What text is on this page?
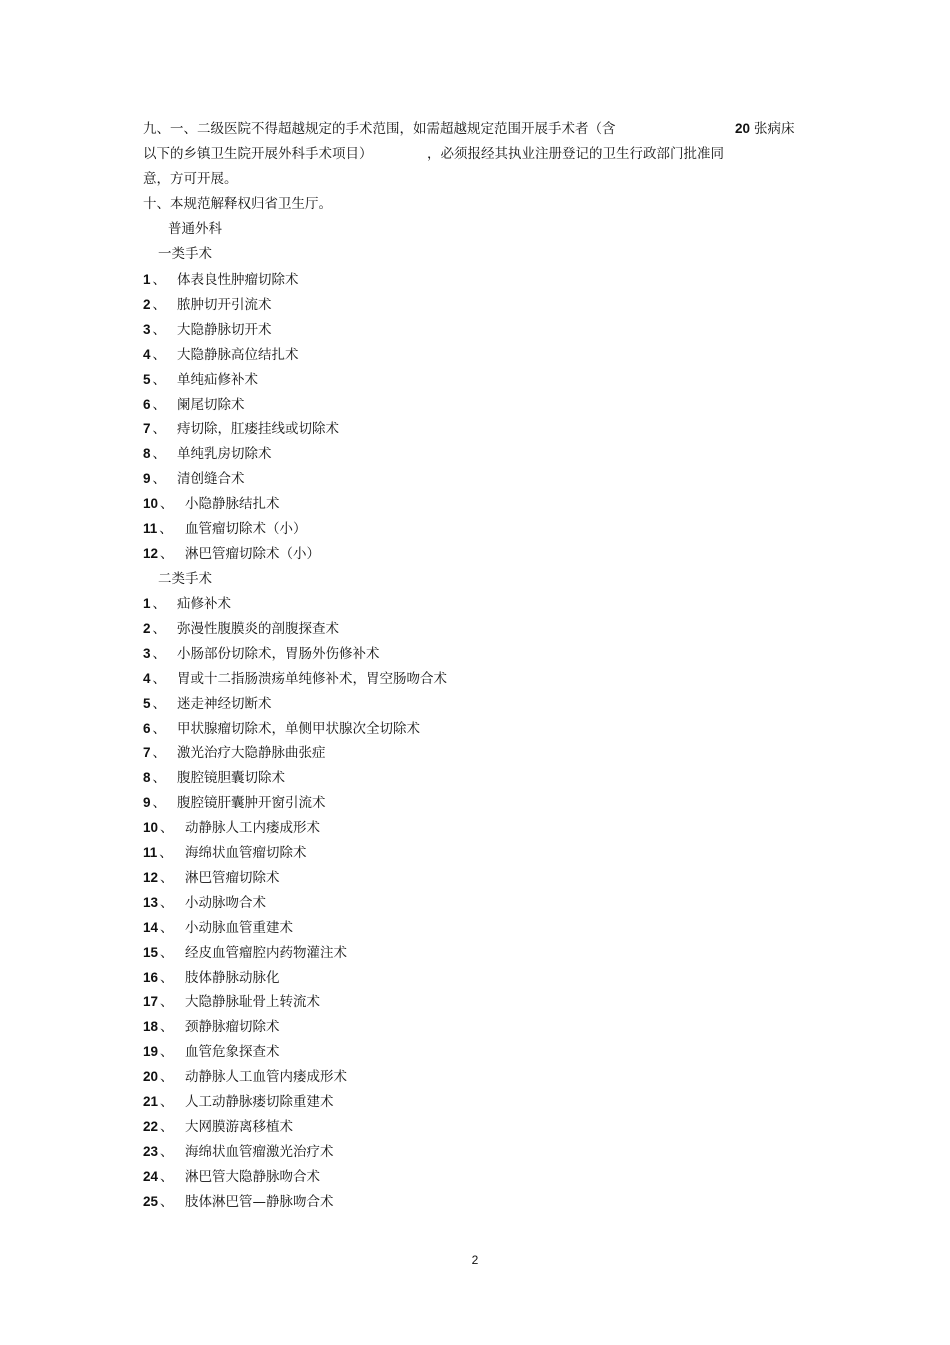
九、一、二级医院不得超越规定的手术范围，如需超越规定范围开展手术者（含	20 张病床
以下的乡镇卫生院开展外科手术项目）	，必须报经其执业注册登记的卫生行政部门批准同
意，方可开展。
十、本规范解释权归省卫生厅。
普通外科
一类手术
1 、 体表良性肿瘤切除术
2 、 脓肿切开引流术
3 、 大隐静脉切开术
4 、 大隐静脉高位结扎术
5 、 单纯疝修补术
6 、 阑尾切除术
7 、 痔切除，肛瘘挂线或切除术
8 、 单纯乳房切除术
9 、 清创缝合术
10 、 小隐静脉结扎术
11 、 血管瘤切除术（小）
12 、 淋巴管瘤切除术（小）
二类手术
1 、 疝修补术
2 、 弥漫性腹膜炎的剖腹探查术
3 、 小肠部份切除术，胃肠外伤修补术
4 、 胃或十二指肠溃疡单纯修补术，胃空肠吻合术
5 、 迷走神经切断术
6 、 甲状腺瘤切除术，单侧甲状腺次全切除术
7 、 激光治疗大隐静脉曲张症
8 、 腹腔镜胆囊切除术
9 、 腹腔镜肝囊肿开窗引流术
10 、 动静脉人工内瘘成形术
11 、 海绵状血管瘤切除术
12 、 淋巴管瘤切除术
13 、 小动脉吻合术
14 、 小动脉血管重建术
15 、 经皮血管瘤腔内药物灌注术
16 、 肢体静脉动脉化
17 、 大隐静脉耻骨上转流术
18 、 颈静脉瘤切除术
19 、 血管危象探查术
20 、 动静脉人工血管内瘘成形术
21 、 人工动静脉瘘切除重建术
22 、 大网膜游离移植术
23 、 海绵状血管瘤激光治疗术
24 、 淋巴管大隐静脉吻合术
25 、 肢体淋巴管—静脉吻合术
2
